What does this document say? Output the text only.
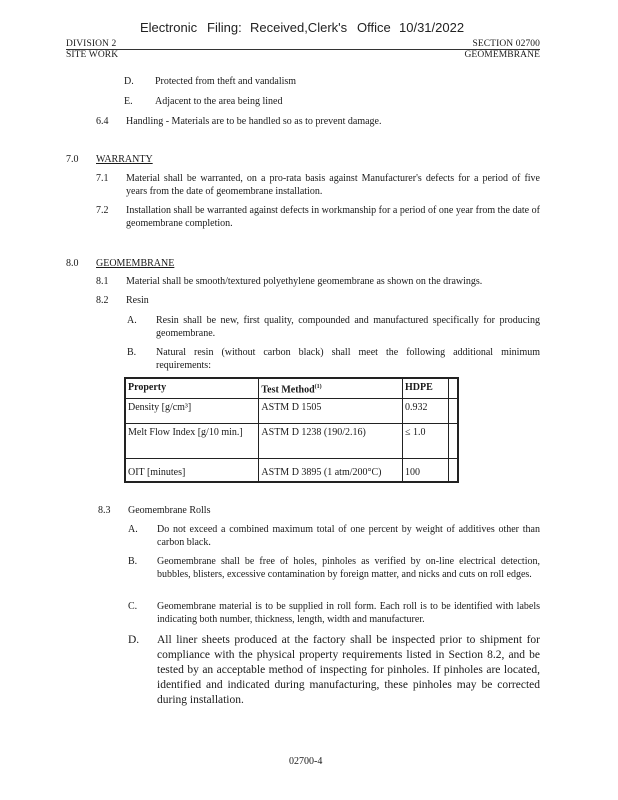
Electronic Filing: Received,Clerk's Office 10/31/2022
DIVISION 2
SITE WORK
SECTION 02700
GEOMEMBRANE
D. Protected from theft and vandalism
E. Adjacent to the area being lined
6.4 Handling - Materials are to be handled so as to prevent damage.
7.0 WARRANTY
7.1 Material shall be warranted, on a pro-rata basis against Manufacturer's defects for a period of five years from the date of geomembrane installation.
7.2 Installation shall be warranted against defects in workmanship for a period of one year from the date of geomembrane completion.
8.0 GEOMEMBRANE
8.1 Material shall be smooth/textured polyethylene geomembrane as shown on the drawings.
8.2 Resin
A. Resin shall be new, first quality, compounded and manufactured specifically for producing geomembrane.
B. Natural resin (without carbon black) shall meet the following additional minimum requirements:
Property	Test Method$^{(1)}$	HDPE	
Density [g/cm³]	ASTM D 1505	0.932	
Melt Flow Index [g/10 min.]	ASTM D 1238 (190/2.16)	≤ 1.0	
OIT [minutes]	ASTM D 3895 (1 atm/200°C)	100	
8.3 Geomembrane Rolls
A. Do not exceed a combined maximum total of one percent by weight of additives other than carbon black.
B. Geomembrane shall be free of holes, pinholes as verified by on-line electrical detection, bubbles, blisters, excessive contamination by foreign matter, and nicks and cuts on roll edges.
C. Geomembrane material is to be supplied in roll form. Each roll is to be identified with labels indicating both number, thickness, length, width and manufacturer.
D. All liner sheets produced at the factory shall be inspected prior to shipment for compliance with the physical property requirements listed in Section 8.2, and be tested by an acceptable method of inspecting for pinholes. If pinholes are located, identified and indicated during manufacturing, these pinholes may be corrected during installation.
02700-4
